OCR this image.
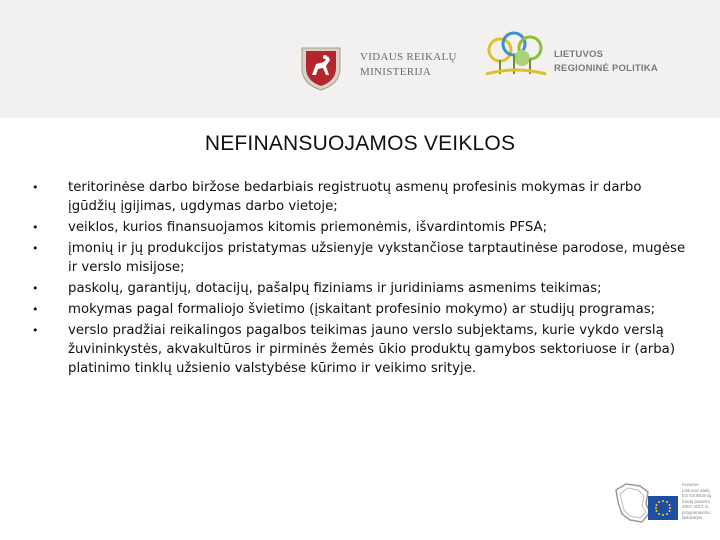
VIDAUS REIKALŲ
MINISTERIJA
LIETUVOS
REGIONINĖ POLITIKA
NEFINANSUOJAMOS VEIKLOS
• teritorinėse darbo biržose bedarbiais registruotų asmenų profesinis mokymas ir darbo įgūdžių įgijimas, ugdymas darbo vietoje;
• veiklos, kurios finansuojamos kitomis priemonėmis, išvardintomis PFSA;
• įmonių ir jų produkcijos pristatymas užsienyje vykstančiose tarptautinėse parodose, mugėse ir verslo misijose;
• paskolų, garantijų, dotacijų, pašalpų fiziniams ir juridiniams asmenims teikimas;
• mokymas pagal formaliojo švietimo (įskaitant profesinio mokymo) ar studijų programas;
• verslo pradžiai reikalingos pagalbos teikimas jauno verslo subjektams, kurie vykdo verslą žuvininkystės, akvakultūros ir pirminės žemės ūkio produktų gamybos sektoriuose ir (arba) platinimo tinklų užsienio valstybėse kūrimo ir veikimo srityje.
Kuriame
Lietuvos ateitį
ES struktūrinių
fondų parama
2007-2013 m.
programavimo
laikotarpis
